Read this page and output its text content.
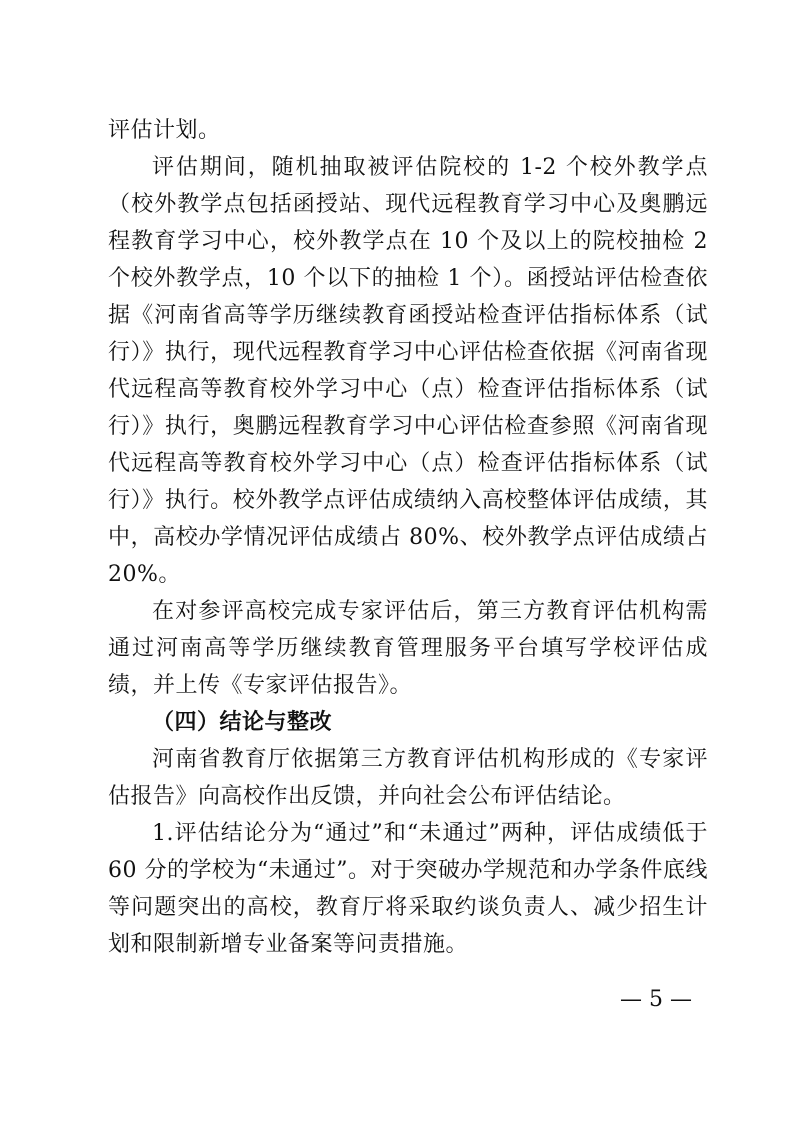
评估计划。

评估期间，随机抽取被评估院校的 1-2 个校外教学点（校外教学点包括函授站、现代远程教育学习中心及奥鹏远程教育学习中心，校外教学点在 10 个及以上的院校抽检 2 个校外教学点，10 个以下的抽检 1 个）。函授站评估检查依据《河南省高等学历继续教育函授站检查评估指标体系（试行）》执行，现代远程教育学习中心评估检查依据《河南省现代远程高等教育校外学习中心（点）检查评估指标体系（试行）》执行，奥鹏远程教育学习中心评估检查参照《河南省现代远程高等教育校外学习中心（点）检查评估指标体系（试行）》执行。校外教学点评估成绩纳入高校整体评估成绩，其中，高校办学情况评估成绩占 80%、校外教学点评估成绩占 20%。

在对参评高校完成专家评估后，第三方教育评估机构需通过河南高等学历继续教育管理服务平台填写学校评估成绩，并上传《专家评估报告》。

（四）结论与整改

河南省教育厅依据第三方教育评估机构形成的《专家评估报告》向高校作出反馈，并向社会公布评估结论。

1.评估结论分为“通过”和“未通过”两种，评估成绩低于 60 分的学校为“未通过”。对于突破办学规范和办学条件底线等问题突出的高校，教育厅将采取约谈负责人、减少招生计划和限制新增专业备案等问责措施。

— 5 —
